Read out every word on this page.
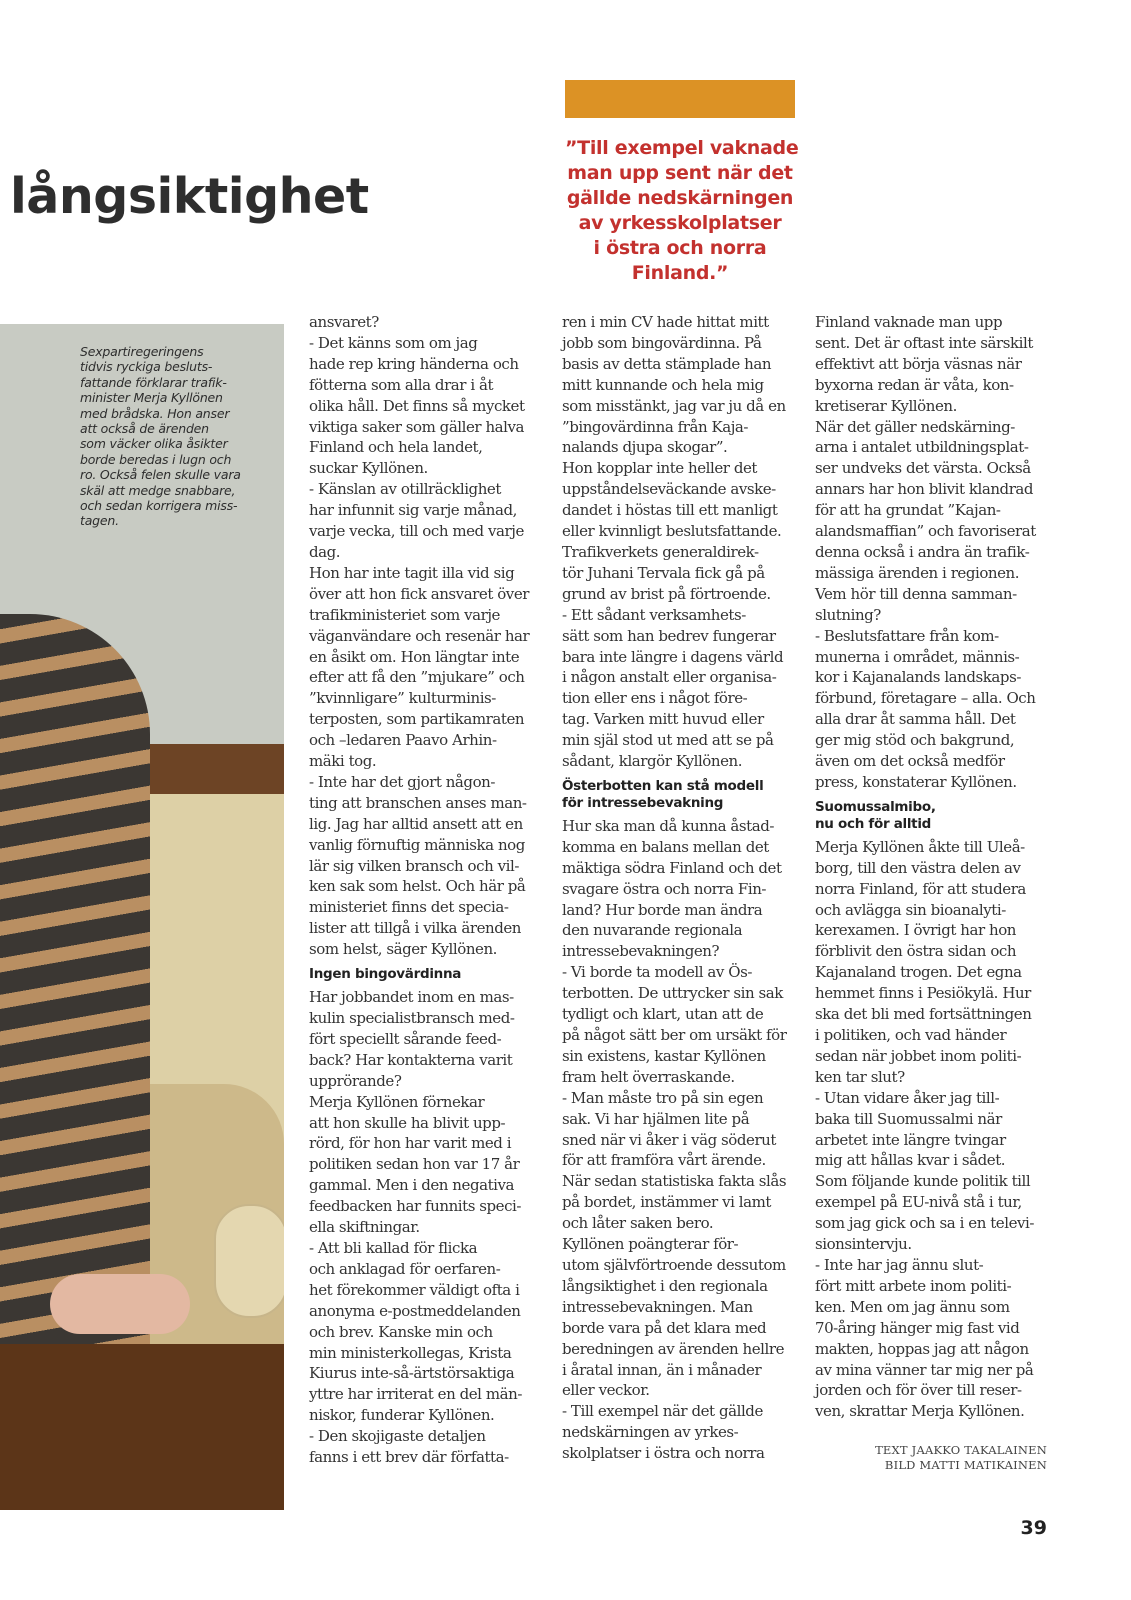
långsiktighet
”Till exempel vaknade
man upp sent när det
gällde nedskärningen
av yrkesskolplatser
i östra och norra
Finland.”
Sexpartiregeringens
tidvis ryckiga besluts-
fattande förklarar trafik-
minister Merja Kyllönen
med brådska. Hon anser
att också de ärenden
som väcker olika åsikter
borde beredas i lugn och
ro. Också felen skulle vara
skäl att medge snabbare,
och sedan korrigera miss-
tagen.
ansvaret?
- Det känns som om jag
hade rep kring händerna och
fötterna som alla drar i åt
olika håll. Det finns så mycket
viktiga saker som gäller halva
Finland och hela landet,
suckar Kyllönen.
- Känslan av otillräcklighet
har infunnit sig varje månad,
varje vecka, till och med varje
dag.
Hon har inte tagit illa vid sig
över att hon fick ansvaret över
trafikministeriet som varje
väganvändare och resenär har
en åsikt om. Hon längtar inte
efter att få den ”mjukare” och
”kvinnligare” kulturminis-
terposten, som partikamraten
och –ledaren Paavo Arhin-
mäki tog.
- Inte har det gjort någon-
ting att branschen anses man-
lig. Jag har alltid ansett att en
vanlig förnuftig människa nog
lär sig vilken bransch och vil-
ken sak som helst. Och här på
ministeriet finns det specia-
lister att tillgå i vilka ärenden
som helst, säger Kyllönen.
Ingen bingovärdinna
Har jobbandet inom en mas-
kulin specialistbransch med-
fört speciellt sårande feed-
back? Har kontakterna varit
upprörande?
Merja Kyllönen förnekar
att hon skulle ha blivit upp-
rörd, för hon har varit med i
politiken sedan hon var 17 år
gammal. Men i den negativa
feedbacken har funnits speci-
ella skiftningar.
- Att bli kallad för flicka
och anklagad för oerfaren-
het förekommer väldigt ofta i
anonyma e-postmeddelanden
och brev. Kanske min och
min ministerkollegas, Krista
Kiurus inte-så-ärtstörsaktiga
yttre har irriterat en del män-
niskor, funderar Kyllönen.
- Den skojigaste detaljen
fanns i ett brev där författa-
ren i min CV hade hittat mitt
jobb som bingovärdinna. På
basis av detta stämplade han
mitt kunnande och hela mig
som misstänkt, jag var ju då en
”bingovärdinna från Kaja-
nalands djupa skogar”.
Hon kopplar inte heller det
uppståndelseväckande avske-
dandet i höstas till ett manligt
eller kvinnligt beslutsfattande.
Trafikverkets generaldirek-
tör Juhani Tervala fick gå på
grund av brist på förtroende.
- Ett sådant verksamhets-
sätt som han bedrev fungerar
bara inte längre i dagens värld
i någon anstalt eller organisa-
tion eller ens i något före-
tag. Varken mitt huvud eller
min själ stod ut med att se på
sådant, klargör Kyllönen.
Österbotten kan stå modell
för intressebevakning
Hur ska man då kunna åstad-
komma en balans mellan det
mäktiga södra Finland och det
svagare östra och norra Fin-
land? Hur borde man ändra
den nuvarande regionala
intressebevakningen?
- Vi borde ta modell av Ös-
terbotten. De uttrycker sin sak
tydligt och klart, utan att de
på något sätt ber om ursäkt för
sin existens, kastar Kyllönen
fram helt överraskande.
- Man måste tro på sin egen
sak. Vi har hjälmen lite på
sned när vi åker i väg söderut
för att framföra vårt ärende.
När sedan statistiska fakta slås
på bordet, instämmer vi lamt
och låter saken bero.
Kyllönen poängterar för-
utom självförtroende dessutom
långsiktighet i den regionala
intressebevakningen. Man
borde vara på det klara med
beredningen av ärenden hellre
i åratal innan, än i månader
eller veckor.
- Till exempel när det gällde
nedskärningen av yrkes-
skolplatser i östra och norra
Finland vaknade man upp
sent. Det är oftast inte särskilt
effektivt att börja väsnas när
byxorna redan är våta, kon-
kretiserar Kyllönen.
När det gäller nedskärning-
arna i antalet utbildningsplat-
ser undveks det värsta. Också
annars har hon blivit klandrad
för att ha grundat ”Kajan-
alandsmaffian” och favoriserat
denna också i andra än trafik-
mässiga ärenden i regionen.
Vem hör till denna samman-
slutning?
- Beslutsfattare från kom-
munerna i området, männis-
kor i Kajanalands landskaps-
förbund, företagare – alla. Och
alla drar åt samma håll. Det
ger mig stöd och bakgrund,
även om det också medför
press, konstaterar Kyllönen.
Suomussalmibo,
nu och för alltid
Merja Kyllönen åkte till Uleå-
borg, till den västra delen av
norra Finland, för att studera
och avlägga sin bioanalyti-
kerexamen. I övrigt har hon
förblivit den östra sidan och
Kajanaland trogen. Det egna
hemmet finns i Pesiökylä. Hur
ska det bli med fortsättningen
i politiken, och vad händer
sedan när jobbet inom politi-
ken tar slut?
- Utan vidare åker jag till-
baka till Suomussalmi när
arbetet inte längre tvingar
mig att hållas kvar i sådet.
Som följande kunde politik till
exempel på EU-nivå stå i tur,
som jag gick och sa i en televi-
sionsintervju.
- Inte har jag ännu slut-
fört mitt arbete inom politi-
ken. Men om jag ännu som
70-åring hänger mig fast vid
makten, hoppas jag att någon
av mina vänner tar mig ner på
jorden och för över till reser-
ven, skrattar Merja Kyllönen.
TEXT JAAKKO TAKALAINEN
BILD MATTI MATIKAINEN
39
